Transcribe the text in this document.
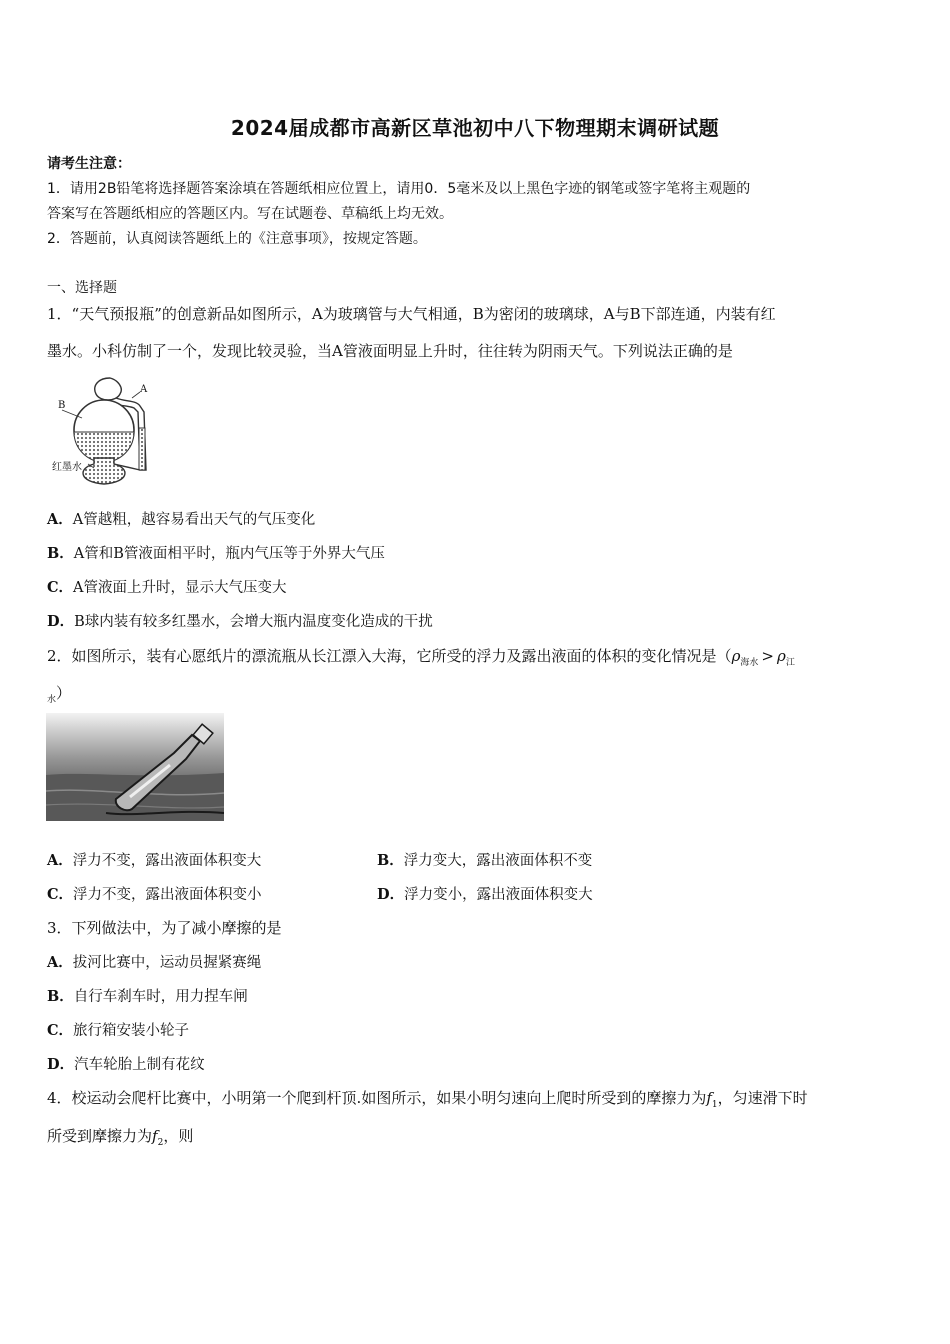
2024届成都市高新区草池初中八下物理期末调研试题
请考生注意：
1．请用2B铅笔将选择题答案涂填在答题纸相应位置上，请用0．5毫米及以上黑色字迹的钢笔或签字笔将主观题的
答案写在答题纸相应的答题区内。写在试题卷、草稿纸上均无效。
2．答题前，认真阅读答题纸上的《注意事项》，按规定答题。
一、选择题
1．“天气预报瓶”的创意新品如图所示，A为玻璃管与大气相通，B为密闭的玻璃球，A与B下部连通，内装有红
墨水。小科仿制了一个，发现比较灵验，当A管液面明显上升时，往往转为阴雨天气。下列说法正确的是
A
B
红墨水
A．A管越粗，越容易看出天气的气压变化
B．A管和B管液面相平时，瓶内气压等于外界大气压
C．A管液面上升时，显示大气压变大
D．B球内装有较多红墨水，会增大瓶内温度变化造成的干扰
2．如图所示，装有心愿纸片的漂流瓶从长江漂入大海，它所受的浮力及露出液面的体积的变化情况是（$\rho_{海水} > \rho_江$
$_水$）
A．浮力不变，露出液面体积变大	B．浮力变大，露出液面体积不变
C．浮力不变，露出液面体积变小	D．浮力变小，露出液面体积变大
3．下列做法中，为了减小摩擦的是
A．拔河比赛中，运动员握紧赛绳
B．自行车刹车时，用力捏车闸
C．旅行箱安装小轮子
D．汽车轮胎上制有花纹
4．校运动会爬杆比赛中，小明第一个爬到杆顶.如图所示，如果小明匀速向上爬时所受到的摩擦力为$f_1$，匀速滑下时
所受到摩擦力为$f_2$，则
